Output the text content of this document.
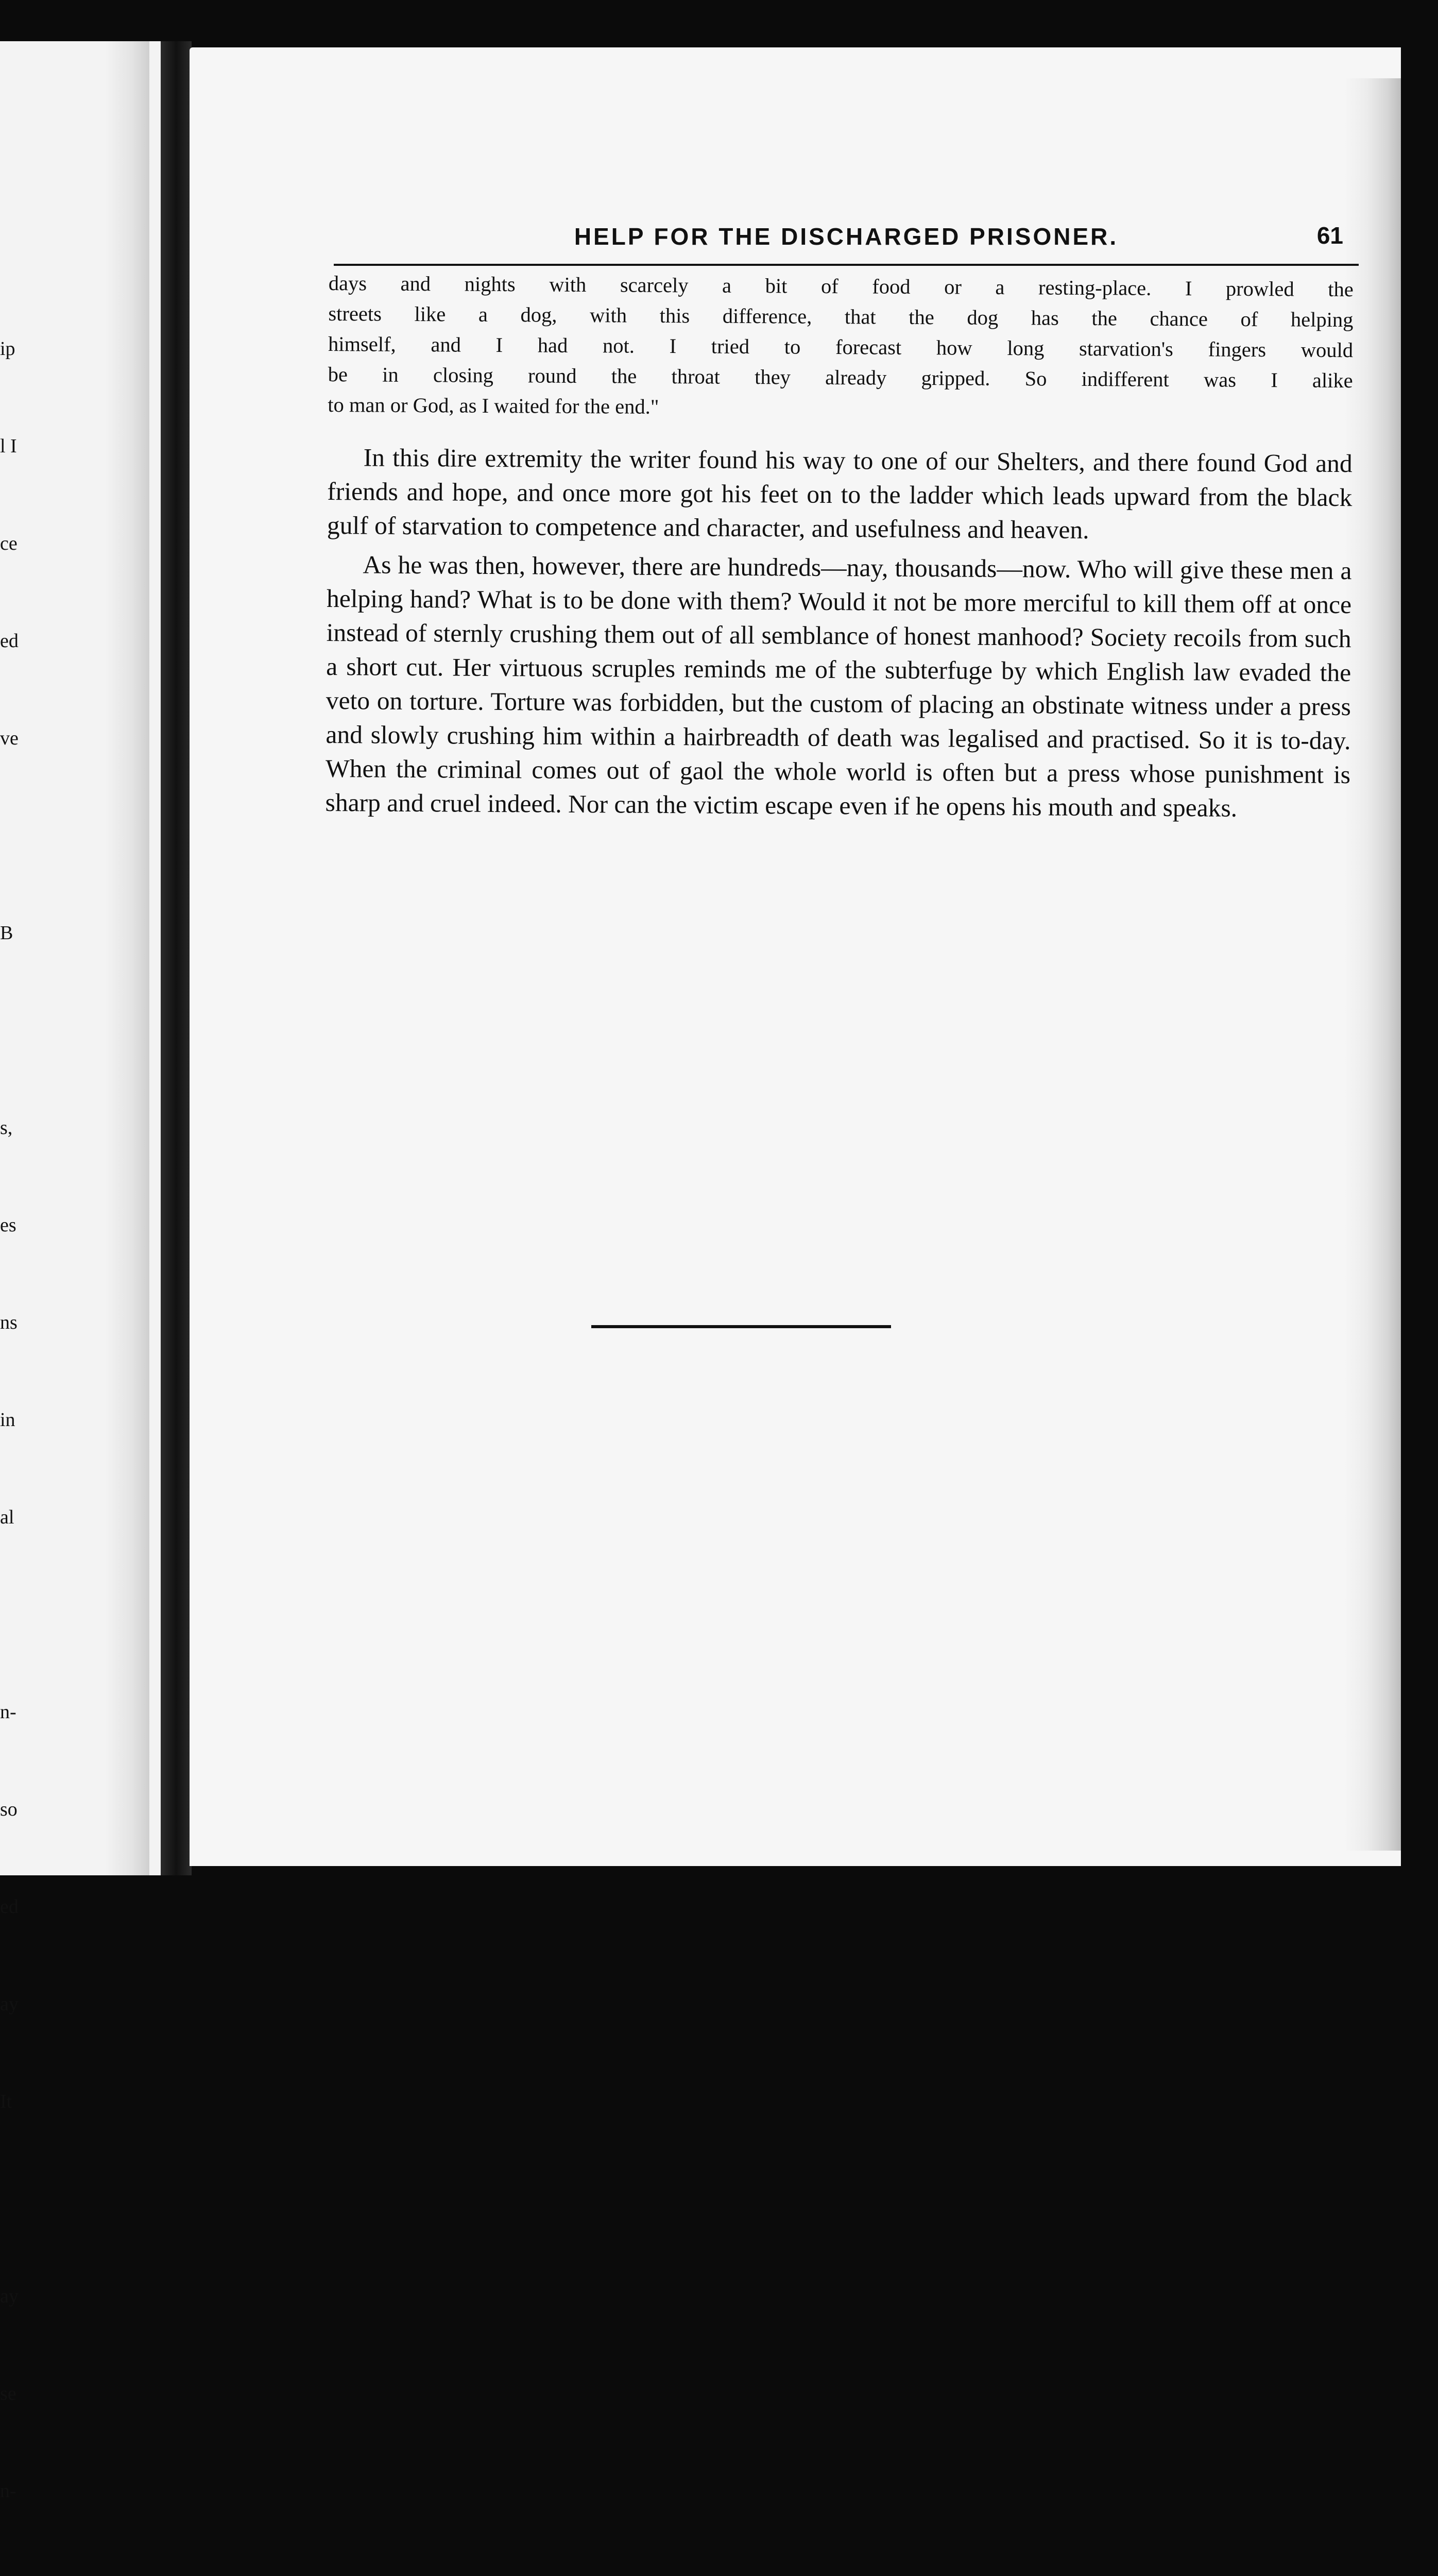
ip

l I

ce

ed

ve

B

s,

es

ns

in

al

n-

so

ed

ay

It

ay

se

n-

HELP FOR THE DISCHARGED PRISONER.	61

days and nights with scarcely a bit of food or a resting-place. I prowled the

streets like a dog, with this difference, that the dog has the chance of helping

himself, and I had not. I tried to forecast how long starvation's fingers would

be in closing round the throat they already gripped. So indifferent was I alike

to man or God, as I waited for the end."

In this dire extremity the writer found his way to one of our Shelters, and there found God and friends and hope, and once more got his feet on to the ladder which leads upward from the black gulf of starvation to competence and character, and usefulness and heaven.

As he was then, however, there are hundreds—nay, thousands—now. Who will give these men a helping hand? What is to be done with them? Would it not be more merciful to kill them off at once instead of sternly crushing them out of all semblance of honest manhood? Society recoils from such a short cut. Her virtuous scruples reminds me of the subterfuge by which English law evaded the veto on torture. Torture was forbidden, but the custom of placing an obstinate witness under a press and slowly crushing him within a hairbreadth of death was legalised and practised. So it is to-day. When the criminal comes out of gaol the whole world is often but a press whose punishment is sharp and cruel indeed. Nor can the victim escape even if he opens his mouth and speaks.
